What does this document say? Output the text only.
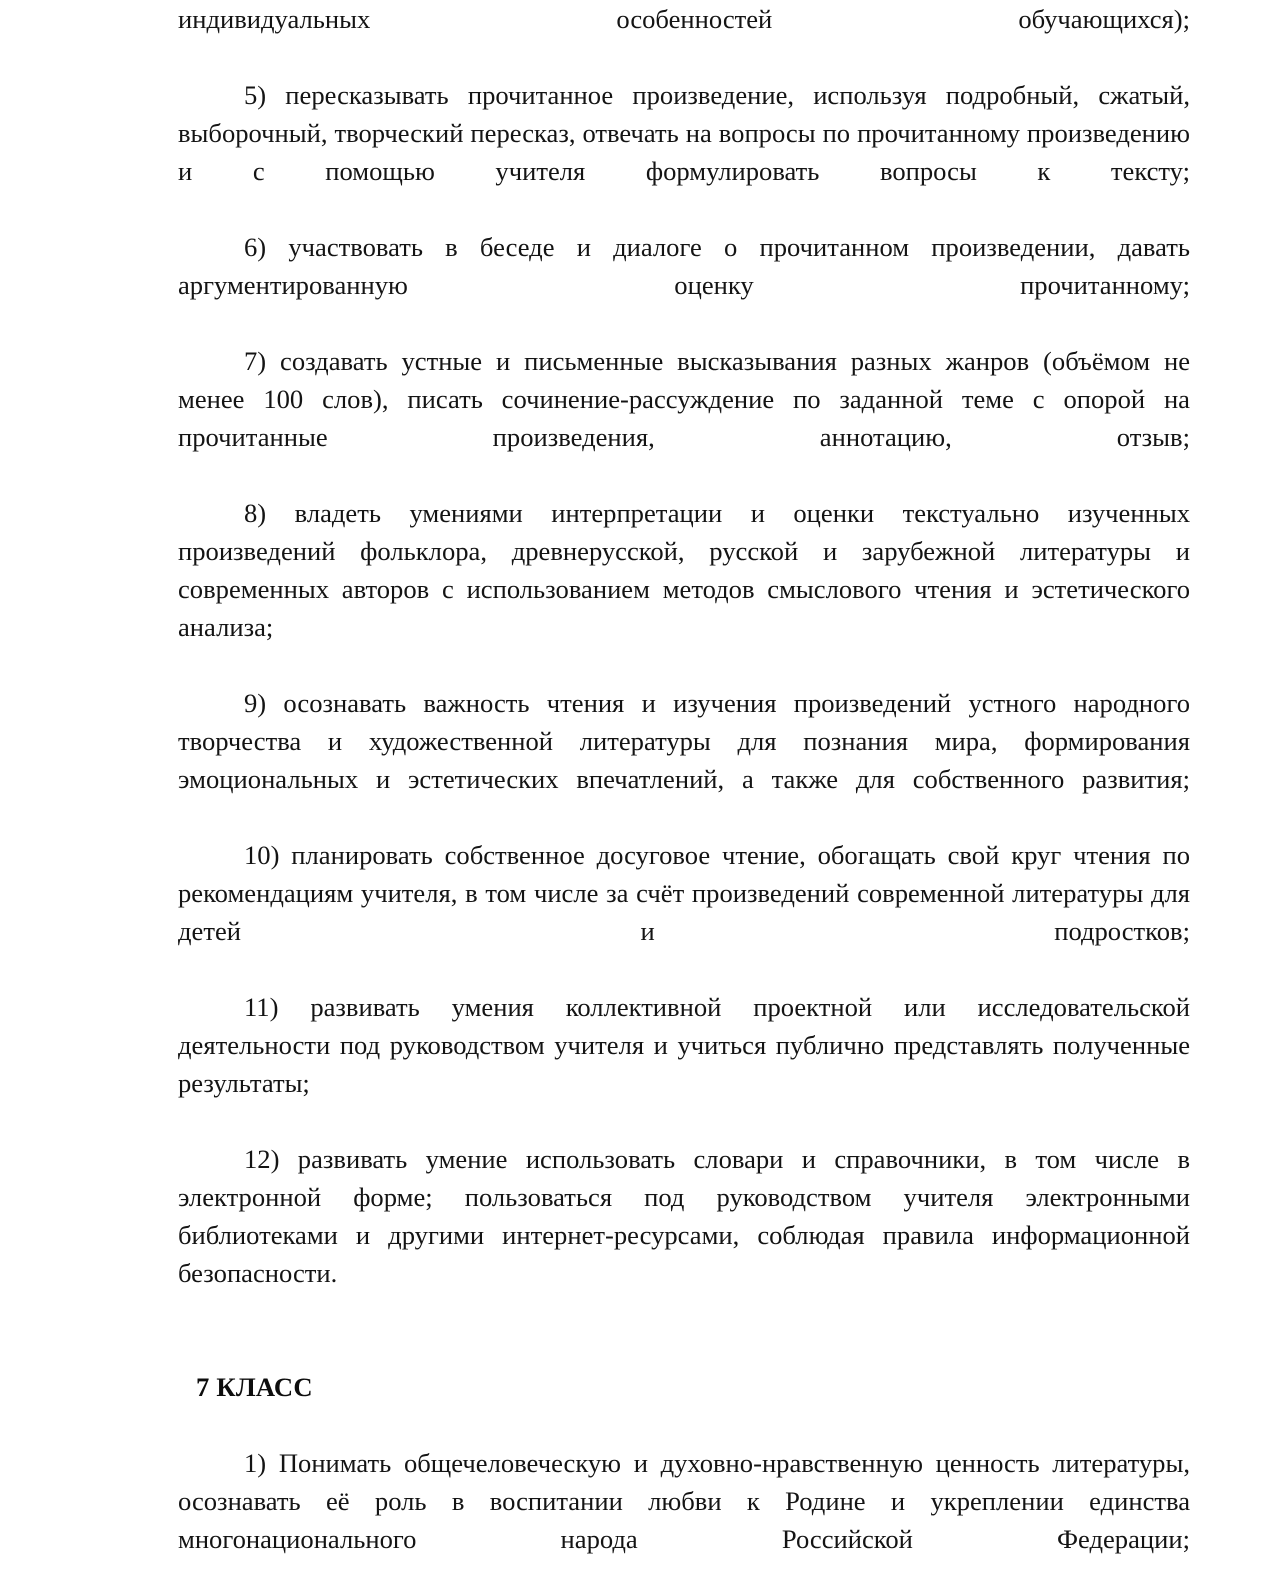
индивидуальных особенностей обучающихся);

5) пересказывать прочитанное произведение, используя подробный, сжатый, выборочный, творческий пересказ, отвечать на вопросы по прочитанному произведению и с помощью учителя формулировать вопросы к тексту;

6) участвовать в беседе и диалоге о прочитанном произведении, давать аргументированную оценку прочитанному;

7) создавать устные и письменные высказывания разных жанров (объёмом не менее 100 слов), писать сочинение-рассуждение по заданной теме с опорой на прочитанные произведения, аннотацию, отзыв;

8) владеть умениями интерпретации и оценки текстуально изученных произведений фольклора, древнерусской, русской и зарубежной литературы и современных авторов с использованием методов смыслового чтения и эстетического анализа;

9) осознавать важность чтения и изучения произведений устного народного творчества и художественной литературы для познания мира, формирования эмоциональных и эстетических впечатлений, а также для собственного развития;

10) планировать собственное досуговое чтение, обогащать свой круг чтения по рекомендациям учителя, в том числе за счёт произведений современной литературы для детей и подростков;

11) развивать умения коллективной проектной или исследовательской деятельности под руководством учителя и учиться публично представлять полученные результаты;

12) развивать умение использовать словари и справочники, в том числе в электронной форме; пользоваться под руководством учителя электронными библиотеками и другими интернет-ресурсами, соблюдая правила информационной безопасности.

7 КЛАСС

1) Понимать общечеловеческую и духовно-нравственную ценность литературы, осознавать её роль в воспитании любви к Родине и укреплении единства многонационального народа Российской Федерации;
